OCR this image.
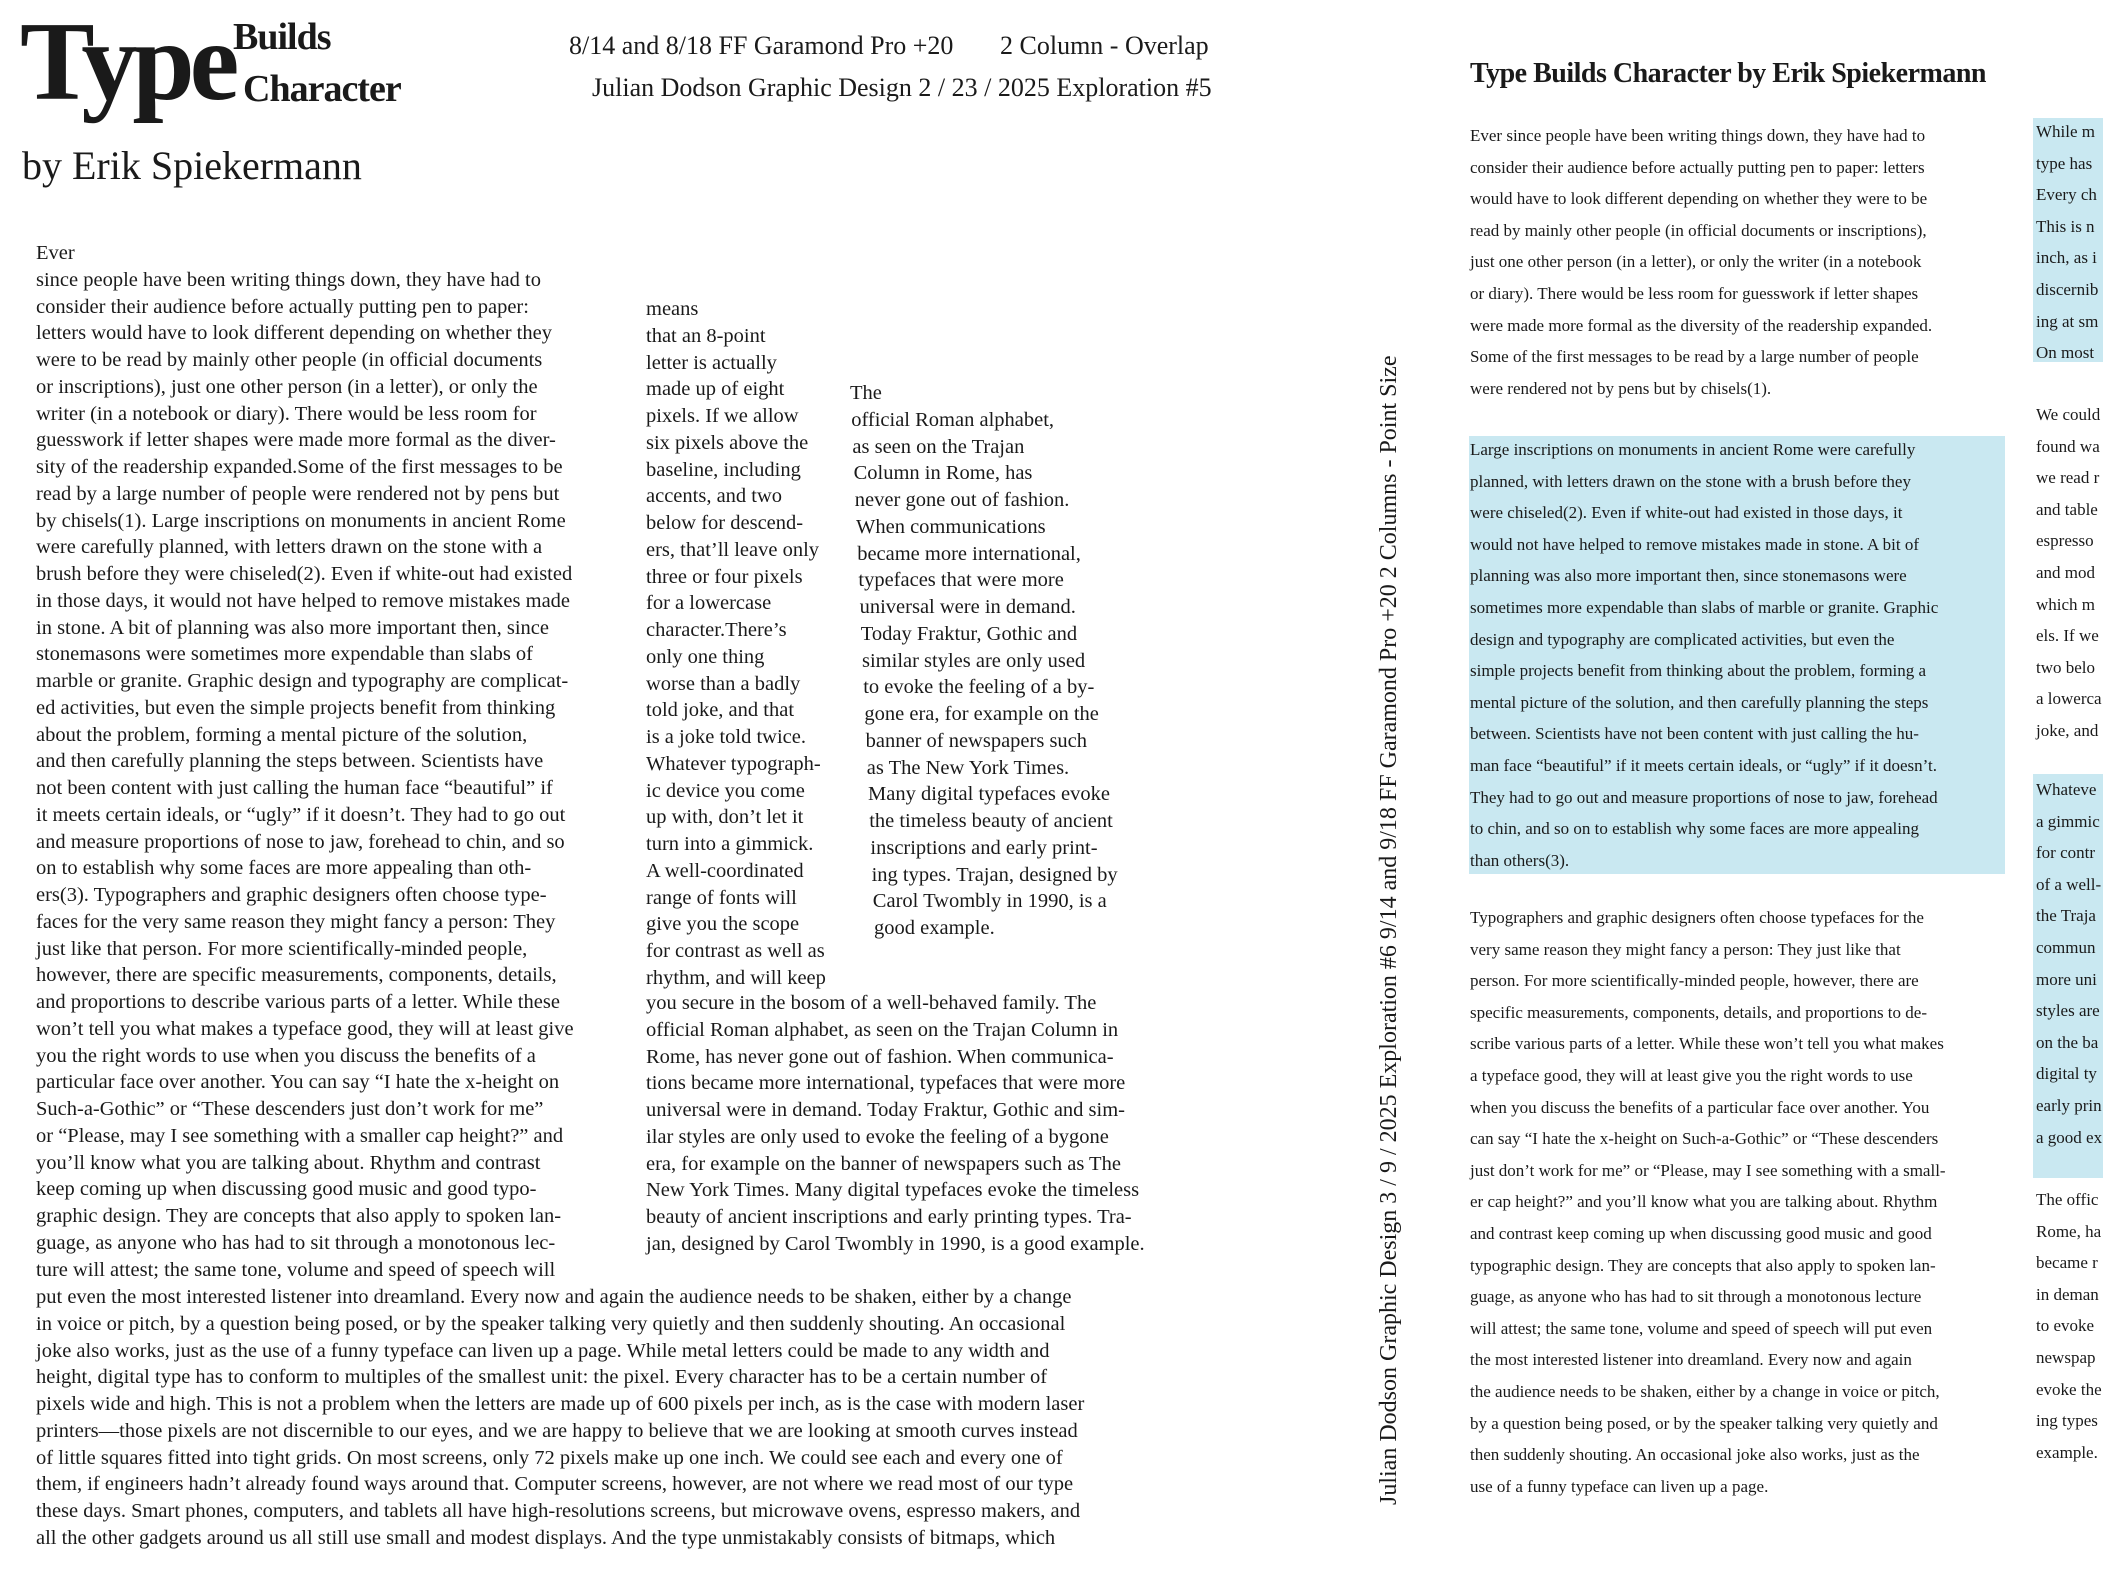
Type
Builds
Character
by Erik Spiekermann
8/14 and 8/18 FF Garamond Pro +20 2 Column - Overlap
Julian Dodson Graphic Design 2 / 23 / 2025 Exploration #5
Ever
since people have been writing things down, they have had to
consider their audience before actually putting pen to paper:
letters would have to look different depending on whether they
were to be read by mainly other people (in official documents
or inscriptions), just one other person (in a letter), or only the
writer (in a notebook or diary). There would be less room for
guesswork if letter shapes were made more formal as the diver-
sity of the readership expanded.Some of the first messages to be
read by a large number of people were rendered not by pens but
by chisels(1). Large inscriptions on monuments in ancient Rome
were carefully planned, with letters drawn on the stone with a
brush before they were chiseled(2). Even if white-out had existed
in those days, it would not have helped to remove mistakes made
in stone. A bit of planning was also more important then, since
stonemasons were sometimes more expendable than slabs of
marble or granite. Graphic design and typography are complicat-
ed activities, but even the simple projects benefit from thinking
about the problem, forming a mental picture of the solution,
and then carefully planning the steps between. Scientists have
not been content with just calling the human face “beautiful” if
it meets certain ideals, or “ugly” if it doesn’t. They had to go out
and measure proportions of nose to jaw, forehead to chin, and so
on to establish why some faces are more appealing than oth-
ers(3). Typographers and graphic designers often choose type-
faces for the very same reason they might fancy a person: They
just like that person. For more scientifically-minded people,
however, there are specific measurements, components, details,
and proportions to describe various parts of a letter. While these
won’t tell you what makes a typeface good, they will at least give
you the right words to use when you discuss the benefits of a
particular face over another. You can say “I hate the x-height on
Such-a-Gothic” or “These descenders just don’t work for me”
or “Please, may I see something with a smaller cap height?” and
you’ll know what you are talking about. Rhythm and contrast
keep coming up when discussing good music and good typo-
graphic design. They are concepts that also apply to spoken lan-
guage, as anyone who has had to sit through a monotonous lec-
ture will attest; the same tone, volume and speed of speech will
means
that an 8-point
letter is actually
made up of eight
pixels. If we allow
six pixels above the
baseline, including
accents, and two
below for descend-
ers, that’ll leave only
three or four pixels
for a lowercase
character.There’s
only one thing
worse than a badly
told joke, and that
is a joke told twice.
Whatever typograph-
ic device you come
up with, don’t let it
turn into a gimmick.
A well-coordinated
range of fonts will
give you the scope
for contrast as well as
rhythm, and will keep
The
official Roman alphabet,
as seen on the Trajan
Column in Rome, has
never gone out of fashion.
When communications
became more international,
typefaces that were more
universal were in demand.
Today Fraktur, Gothic and
similar styles are only used
to evoke the feeling of a by-
gone era, for example on the
banner of newspapers such
as The New York Times.
Many digital typefaces evoke
the timeless beauty of ancient
inscriptions and early print-
ing types. Trajan, designed by
Carol Twombly in 1990, is a
good example.
you secure in the bosom of a well-behaved family. The
official Roman alphabet, as seen on the Trajan Column in
Rome, has never gone out of fashion. When communica-
tions became more international, typefaces that were more
universal were in demand. Today Fraktur, Gothic and sim-
ilar styles are only used to evoke the feeling of a bygone
era, for example on the banner of newspapers such as The
New York Times. Many digital typefaces evoke the timeless
beauty of ancient inscriptions and early printing types. Tra-
jan, designed by Carol Twombly in 1990, is a good example.
put even the most interested listener into dreamland. Every now and again the audience needs to be shaken, either by a change
in voice or pitch, by a question being posed, or by the speaker talking very quietly and then suddenly shouting. An occasional
joke also works, just as the use of a funny typeface can liven up a page. While metal letters could be made to any width and
height, digital type has to conform to multiples of the smallest unit: the pixel. Every character has to be a certain number of
pixels wide and high. This is not a problem when the letters are made up of 600 pixels per inch, as is the case with modern laser
printers—those pixels are not discernible to our eyes, and we are happy to believe that we are looking at smooth curves instead
of little squares fitted into tight grids. On most screens, only 72 pixels make up one inch. We could see each and every one of
them, if engineers hadn’t already found ways around that. Computer screens, however, are not where we read most of our type
these days. Smart phones, computers, and tablets all have high-resolutions screens, but microwave ovens, espresso makers, and
all the other gadgets around us all still use small and modest displays. And the type unmistakably consists of bitmaps, which
Type Builds Character by Erik Spiekermann
Julian Dodson Graphic Design 3 / 9 / 2025 Exploration #6 9/14 and 9/18 FF Garamond Pro +20 2 Columns - Point Size
Ever since people have been writing things down, they have had to
consider their audience before actually putting pen to paper: letters
would have to look different depending on whether they were to be
read by mainly other people (in official documents or inscriptions),
just one other person (in a letter), or only the writer (in a notebook
or diary). There would be less room for guesswork if letter shapes
were made more formal as the diversity of the readership expanded.
Some of the first messages to be read by a large number of people
were rendered not by pens but by chisels(1).
Large inscriptions on monuments in ancient Rome were carefully
planned, with letters drawn on the stone with a brush before they
were chiseled(2). Even if white-out had existed in those days, it
would not have helped to remove mistakes made in stone. A bit of
planning was also more important then, since stonemasons were
sometimes more expendable than slabs of marble or granite. Graphic
design and typography are complicated activities, but even the
simple projects benefit from thinking about the problem, forming a
mental picture of the solution, and then carefully planning the steps
between. Scientists have not been content with just calling the hu-
man face “beautiful” if it meets certain ideals, or “ugly” if it doesn’t.
They had to go out and measure proportions of nose to jaw, forehead
to chin, and so on to establish why some faces are more appealing
than others(3).
Typographers and graphic designers often choose typefaces for the
very same reason they might fancy a person: They just like that
person. For more scientifically-minded people, however, there are
specific measurements, components, details, and proportions to de-
scribe various parts of a letter. While these won’t tell you what makes
a typeface good, they will at least give you the right words to use
when you discuss the benefits of a particular face over another. You
can say “I hate the x-height on Such-a-Gothic” or “These descenders
just don’t work for me” or “Please, may I see something with a small-
er cap height?” and you’ll know what you are talking about. Rhythm
and contrast keep coming up when discussing good music and good
typographic design. They are concepts that also apply to spoken lan-
guage, as anyone who has had to sit through a monotonous lecture
will attest; the same tone, volume and speed of speech will put even
the most interested listener into dreamland. Every now and again
the audience needs to be shaken, either by a change in voice or pitch,
by a question being posed, or by the speaker talking very quietly and
then suddenly shouting. An occasional joke also works, just as the
use of a funny typeface can liven up a page.
While m
type has
Every ch
This is n
inch, as i
discernib
ing at sm
On most
We could
found wa
we read r
and table
espresso
and mod
which m
els. If we
two belo
a lowerca
joke, and
Whateve
a gimmic
for contr
of a well-
the Traja
commun
more uni
styles are
on the ba
digital ty
early prin
a good ex
The offic
Rome, ha
became r
in deman
to evoke
newspap
evoke the
ing types
example.
